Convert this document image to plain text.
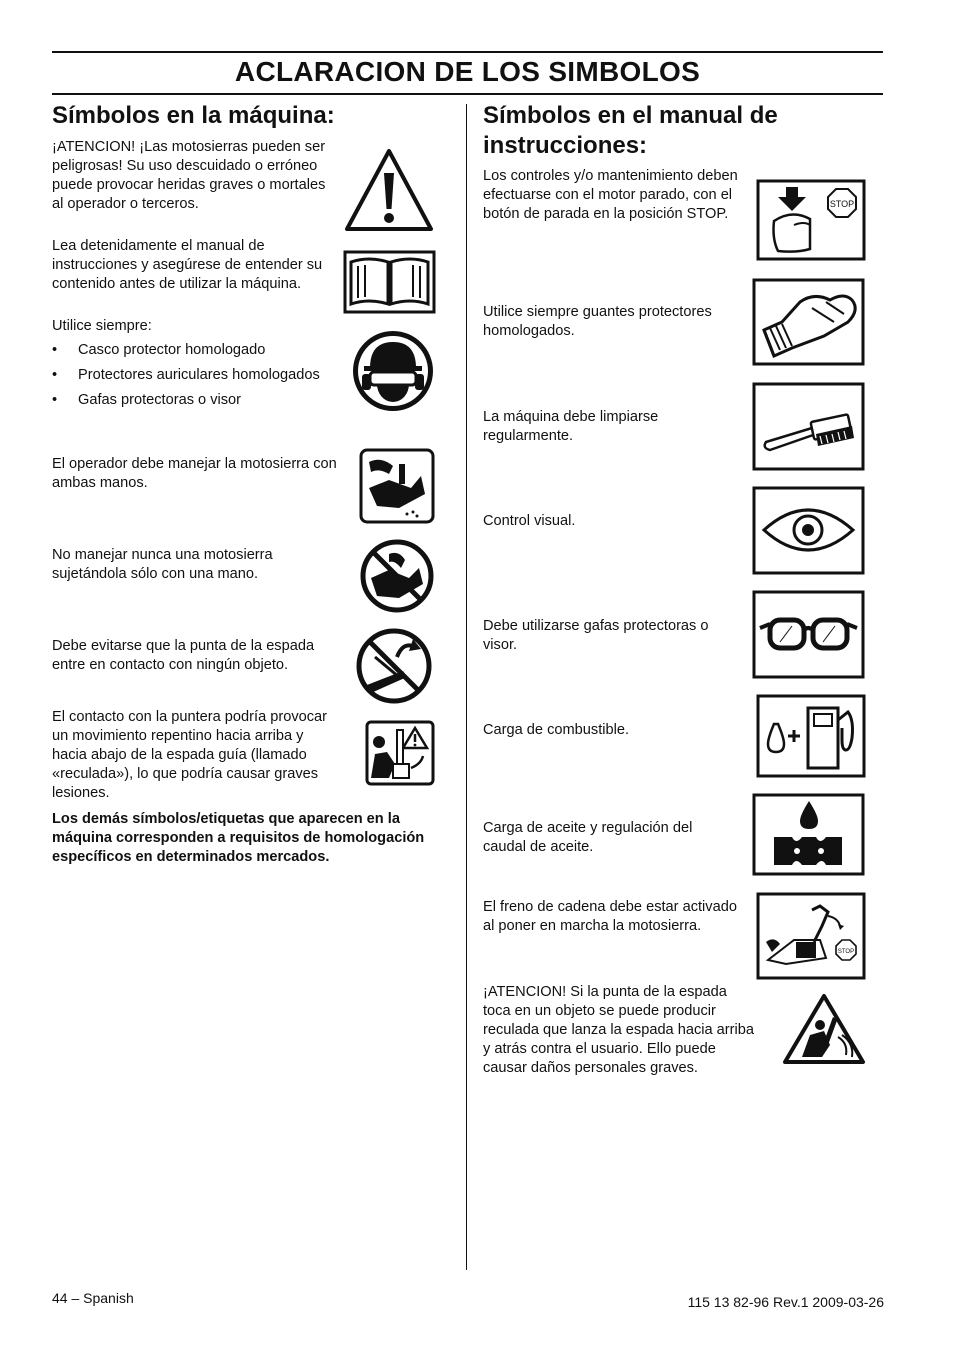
ACLARACION DE LOS SIMBOLOS
Símbolos en la máquina:

¡ATENCION! ¡Las motosierras pueden ser peligrosas! Su uso descuidado o erróneo puede provocar heridas graves o mortales al operador o terceros.

Lea detenidamente el manual de instrucciones y asegúrese de entender su contenido antes de utilizar la máquina.

Utilice siempre:

• Casco protector homologado
• Protectores auriculares homologados
• Gafas protectoras o visor

El operador debe manejar la motosierra con ambas manos.

No manejar nunca una motosierra sujetándola sólo con una mano.

Debe evitarse que la punta de la espada entre en contacto con ningún objeto.

El contacto con la puntera podría provocar un movimiento repentino hacia arriba y hacia abajo de la espada guía (llamado «reculada»), lo que podría causar graves lesiones.

Los demás símbolos/etiquetas que aparecen en la máquina corresponden a requisitos de homologación específicos en determinados mercados.

Símbolos en el manual de
instrucciones:

Los controles y/o mantenimiento deben efectuarse con el motor parado, con el botón de parada en la posición STOP.

STOP

Utilice siempre guantes protectores homologados.

La máquina debe limpiarse regularmente.

Control visual.

Debe utilizarse gafas protectoras o visor.

Carga de combustible.

Carga de aceite y regulación del caudal de aceite.

El freno de cadena debe estar activado al poner en marcha la motosierra.

STOP

¡ATENCION! Si la punta de la espada toca en un objeto se puede producir reculada que lanza la espada hacia arriba y atrás contra el usuario. Ello puede causar daños personales graves.

44 – Spanish	115 13 82-96 Rev.1 2009-03-26
